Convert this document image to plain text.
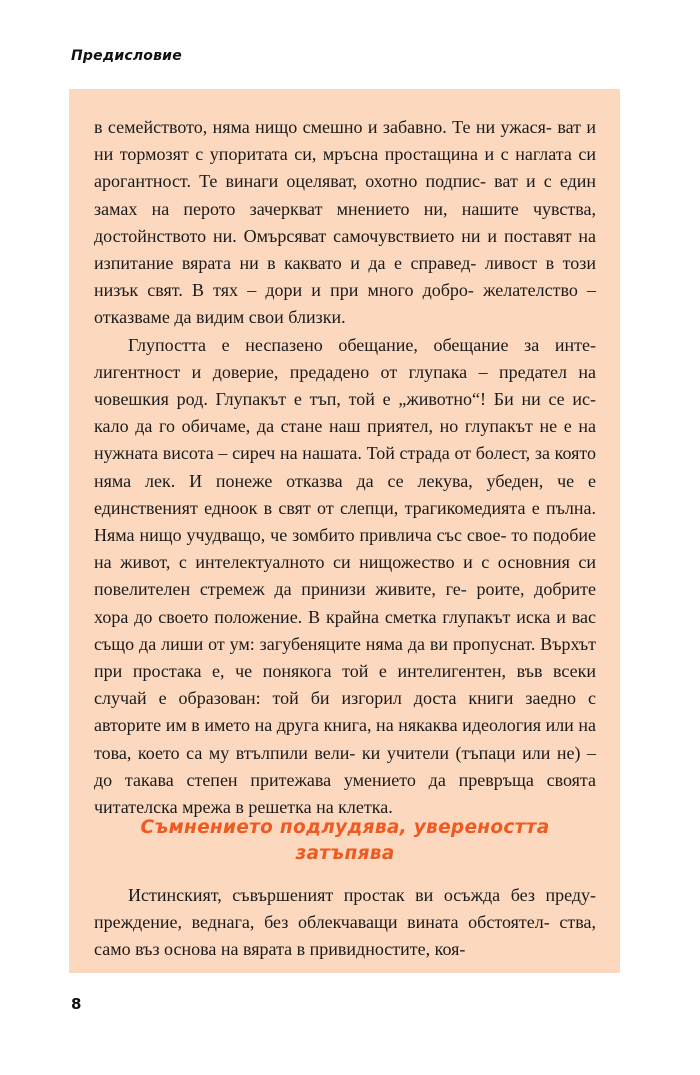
Предисловие

в семейството, няма нищо смешно и забавно. Те ни ужася- ват и ни тормозят с упоритата си, мръсна простащина и с наглата си арогантност. Те винаги оцеляват, охотно подпис- ват и с един замах на перото зачеркват мнението ни, нашите чувства, достойнството ни. Омърсяват самочувствието ни и поставят на изпитание вярата ни в каквато и да е справед- ливост в този низък свят. В тях – дори и при много добро- желателство – отказваме да видим свои близки.

Глупостта е неспазено обещание, обещание за инте- лигентност и доверие, предадено от глупака – предател на човешкия род. Глупакът е тъп, той е „животно“! Би ни се ис- кало да го обичаме, да стане наш приятел, но глупакът не е на нужната висота – сиреч на нашата. Той страда от болест, за която няма лек. И понеже отказва да се лекува, убеден, че е единственият едноок в свят от слепци, трагикомедията е пълна. Няма нищо учудващо, че зомбито привлича със свое- то подобие на живот, с интелектуалното си нищожество и с основния си повелителен стремеж да принизи живите, ге- роите, добрите хора до своето положение. В крайна сметка глупакът иска и вас също да лиши от ум: загубеняците няма да ви пропуснат. Върхът при простака е, че понякога той е интелигентен, във всеки случай е образован: той би изгорил доста книги заедно с авторите им в името на друга книга, на някаква идеология или на това, което са му втълпили вели- ки учители (тъпаци или не) – до такава степен притежава умението да превръща своята читателска мрежа в решетка на клетка.

Съмнението подлудява, увереността
затъпява

Истинският, съвършеният простак ви осъжда без преду- преждение, веднага, без облекчаващи вината обстоятел- ства, само въз основа на вярата в привидностите, коя-

8
